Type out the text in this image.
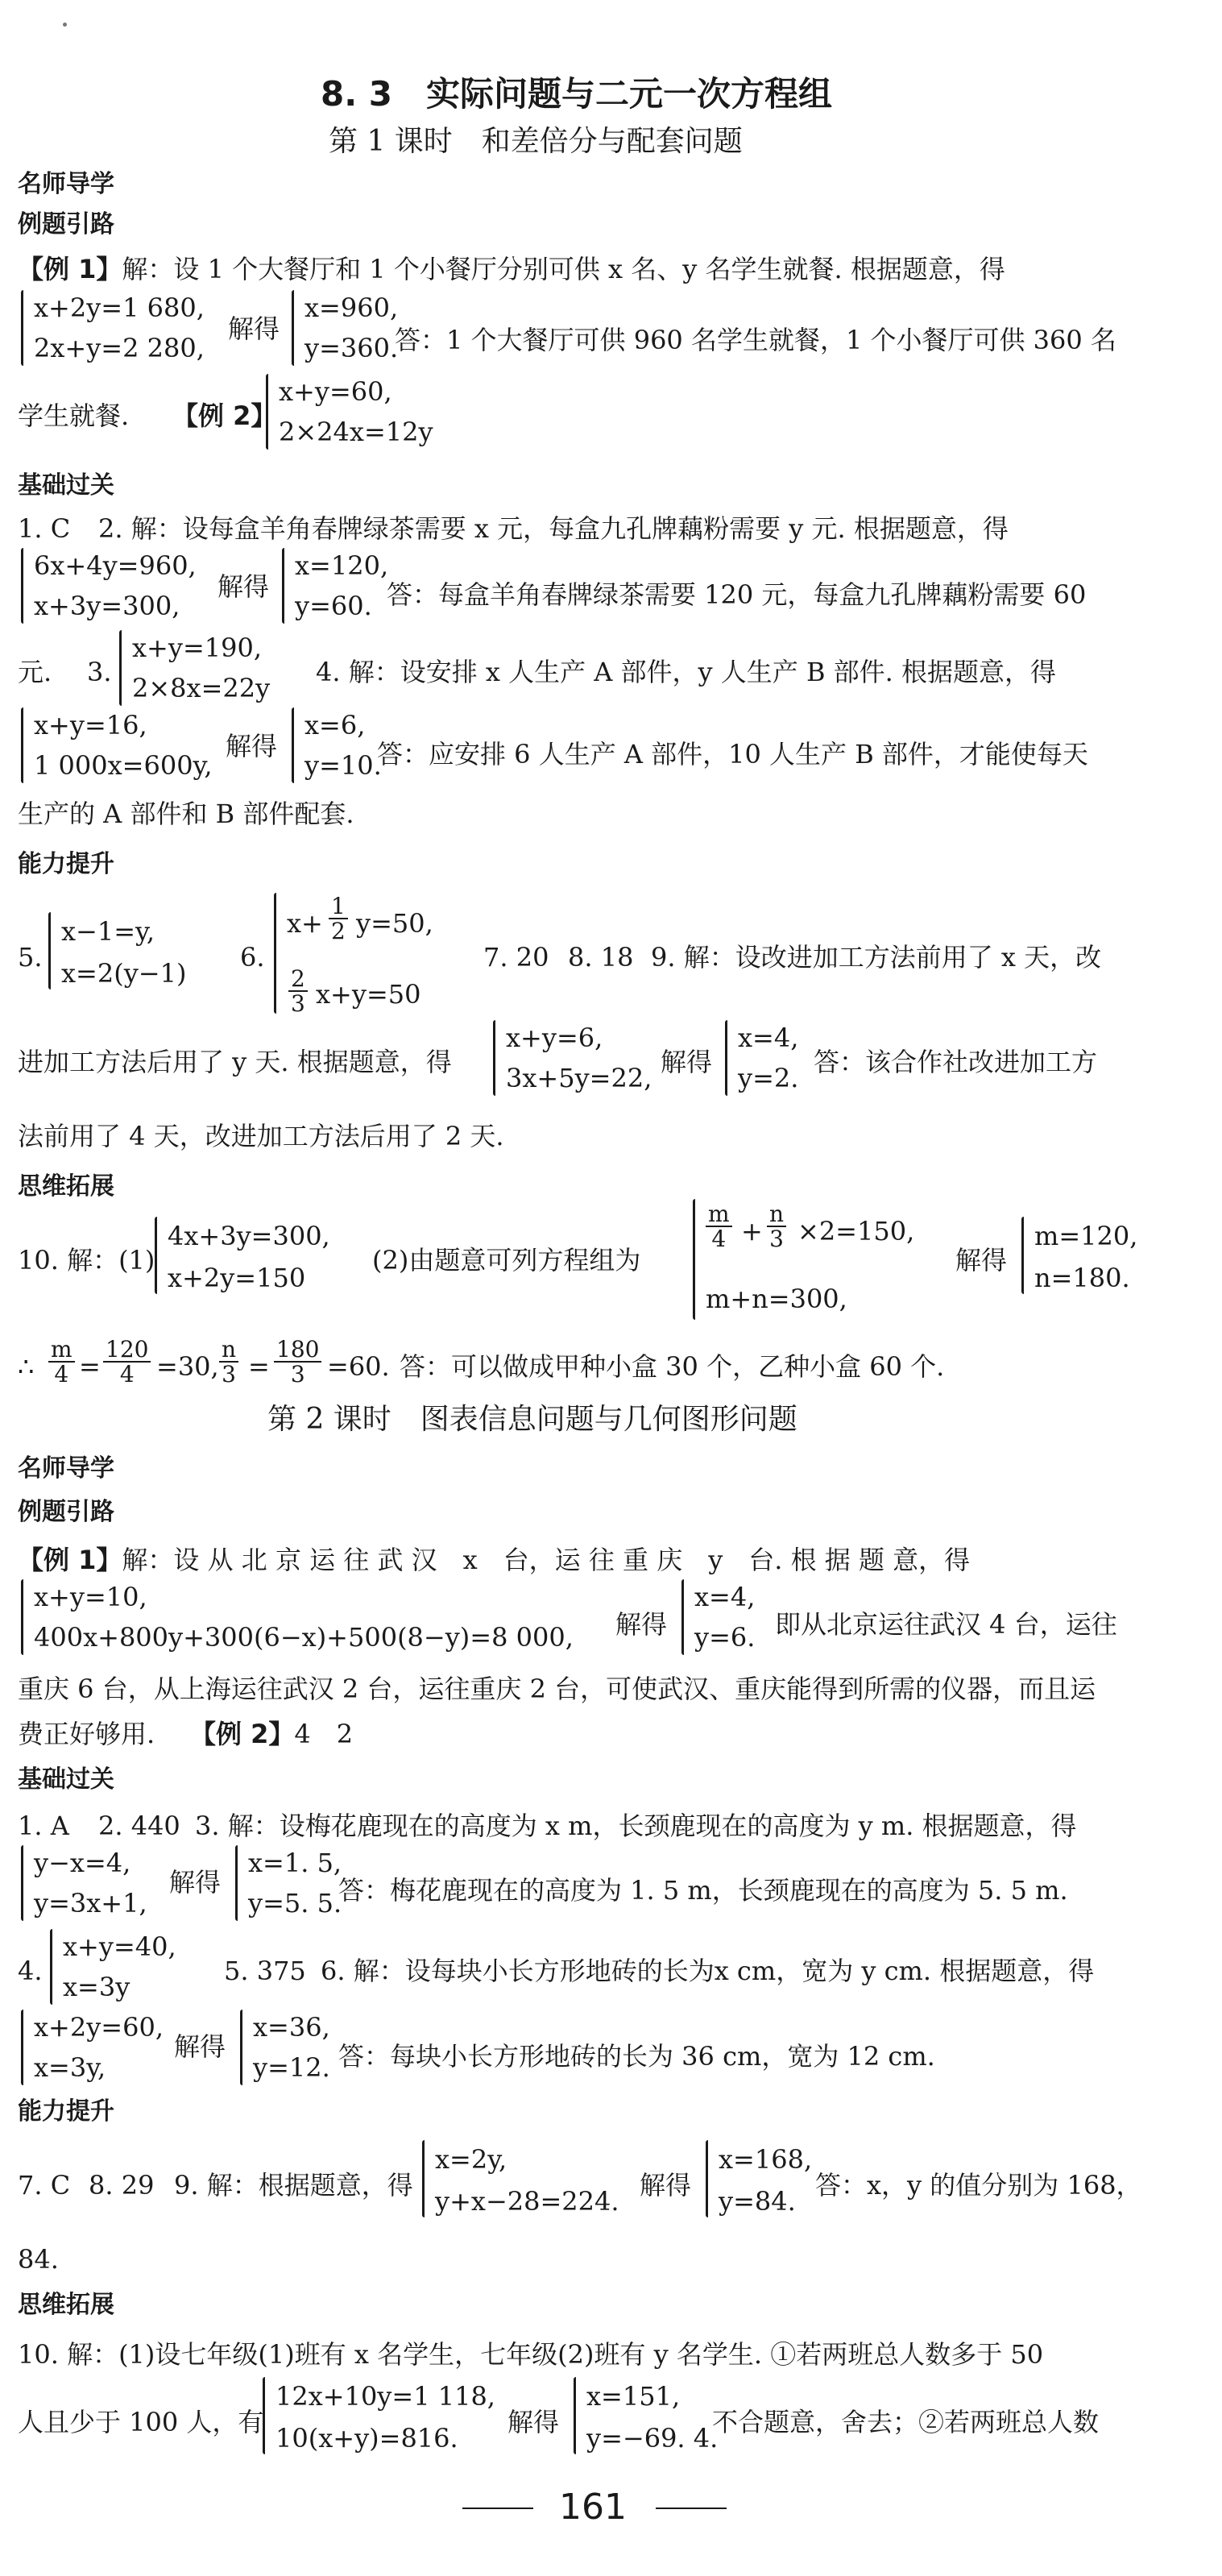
8. 3　实际问题与二元一次方程组
第 1 课时　和差倍分与配套问题
名师导学
例题引路
【例 1】解：设 1 个大餐厅和 1 个小餐厅分别可供 x 名、y 名学生就餐. 根据题意，得
x+2y=1 680,
2x+y=2 280,
解得
x=960,
y=360.
答：1 个大餐厅可供 960 名学生就餐，1 个小餐厅可供 360 名
学生就餐. 【例 2】
x+y=60,
2×24x=12y
基础过关
1. C 2. 解：设每盒羊角春牌绿茶需要 x 元，每盒九孔牌藕粉需要 y 元. 根据题意，得
6x+4y=960,
x+3y=300,
解得
x=120,
y=60. 答：每盒羊角春牌绿茶需要 120 元，每盒九孔牌藕粉需要 60
元. 3.
x+y=190,
2×8x=22y
4. 解：设安排 x 人生产 A 部件，y 人生产 B 部件. 根据题意，得
x+y=16,
1 000x=600y,
解得
x=6,
y=10.
答：应安排 6 人生产 A 部件，10 人生产 B 部件，才能使每天
生产的 A 部件和 B 部件配套.
能力提升
5.
x−1=y,
x=2(y−1)
6.
$x+ \frac{1}{2} y=50$,
$\frac{2}{3} x+y=50$
7. 20 8. 18 9. 解：设改进加工方法前用了 x 天，改
进加工方法后用了 y 天. 根据题意，得
x+y=6,
3x+5y=22,
解得
x=4,
y=2.
答：该合作社改进加工方
法前用了 4 天，改进加工方法后用了 2 天.
思维拓展
10. 解：(1)
4x+3y=300,
x+2y=150
(2)由题意可列方程组为
$\frac{m}{4} + \frac{n}{3} \times 2=150$,
m+n=300,
解得
m=120,
n=180.
∴ $\frac{m}{4} = \frac{120}{4} =30$, $\frac{n}{3} = \frac{180}{3} =60$. 答：可以做成甲种小盒 30 个，乙种小盒 60 个.
第 2 课时　图表信息问题与几何图形问题
名师导学
例题引路
【例 1】解：设 从 北 京 运 往 武 汉　x　台，运 往 重 庆　y　台. 根 据 题 意，得
x+y=10,
400x+800y+300(6−x)+500(8−y)=8 000, 解得
x=4,
y=6. 即从北京运往武汉 4 台，运往
重庆 6 台，从上海运往武汉 2 台，运往重庆 2 台，可使武汉、重庆能得到所需的仪器，而且运
费正好够用. 【例 2】4　2
基础过关
1. A 2. 440 3. 解：设梅花鹿现在的高度为 x m，长颈鹿现在的高度为 y m. 根据题意，得
y−x=4,
y=3x+1,
解得
x=1. 5,
y=5. 5.
答：梅花鹿现在的高度为 1. 5 m，长颈鹿现在的高度为 5. 5 m.
4.
x+y=40,
x=3y
5. 375 6. 解：设每块小长方形地砖的长为x cm，宽为 y cm. 根据题意，得
x+2y=60,
x=3y,
解得
x=36,
y=12. 答：每块小长方形地砖的长为 36 cm，宽为 12 cm.
能力提升
7. C 8. 29 9. 解：根据题意，得
x=2y,
y+x−28=224.
解得
x=168,
y=84.
答：x，y 的值分别为 168，
84.
思维拓展
10. 解：(1)设七年级(1)班有 x 名学生，七年级(2)班有 y 名学生. ①若两班总人数多于 50
人且少于 100 人，有
12x+10y=1 118,
10(x+y)=816.
解得
x=151,
y=−69. 4.
不合题意，舍去；②若两班总人数
161
